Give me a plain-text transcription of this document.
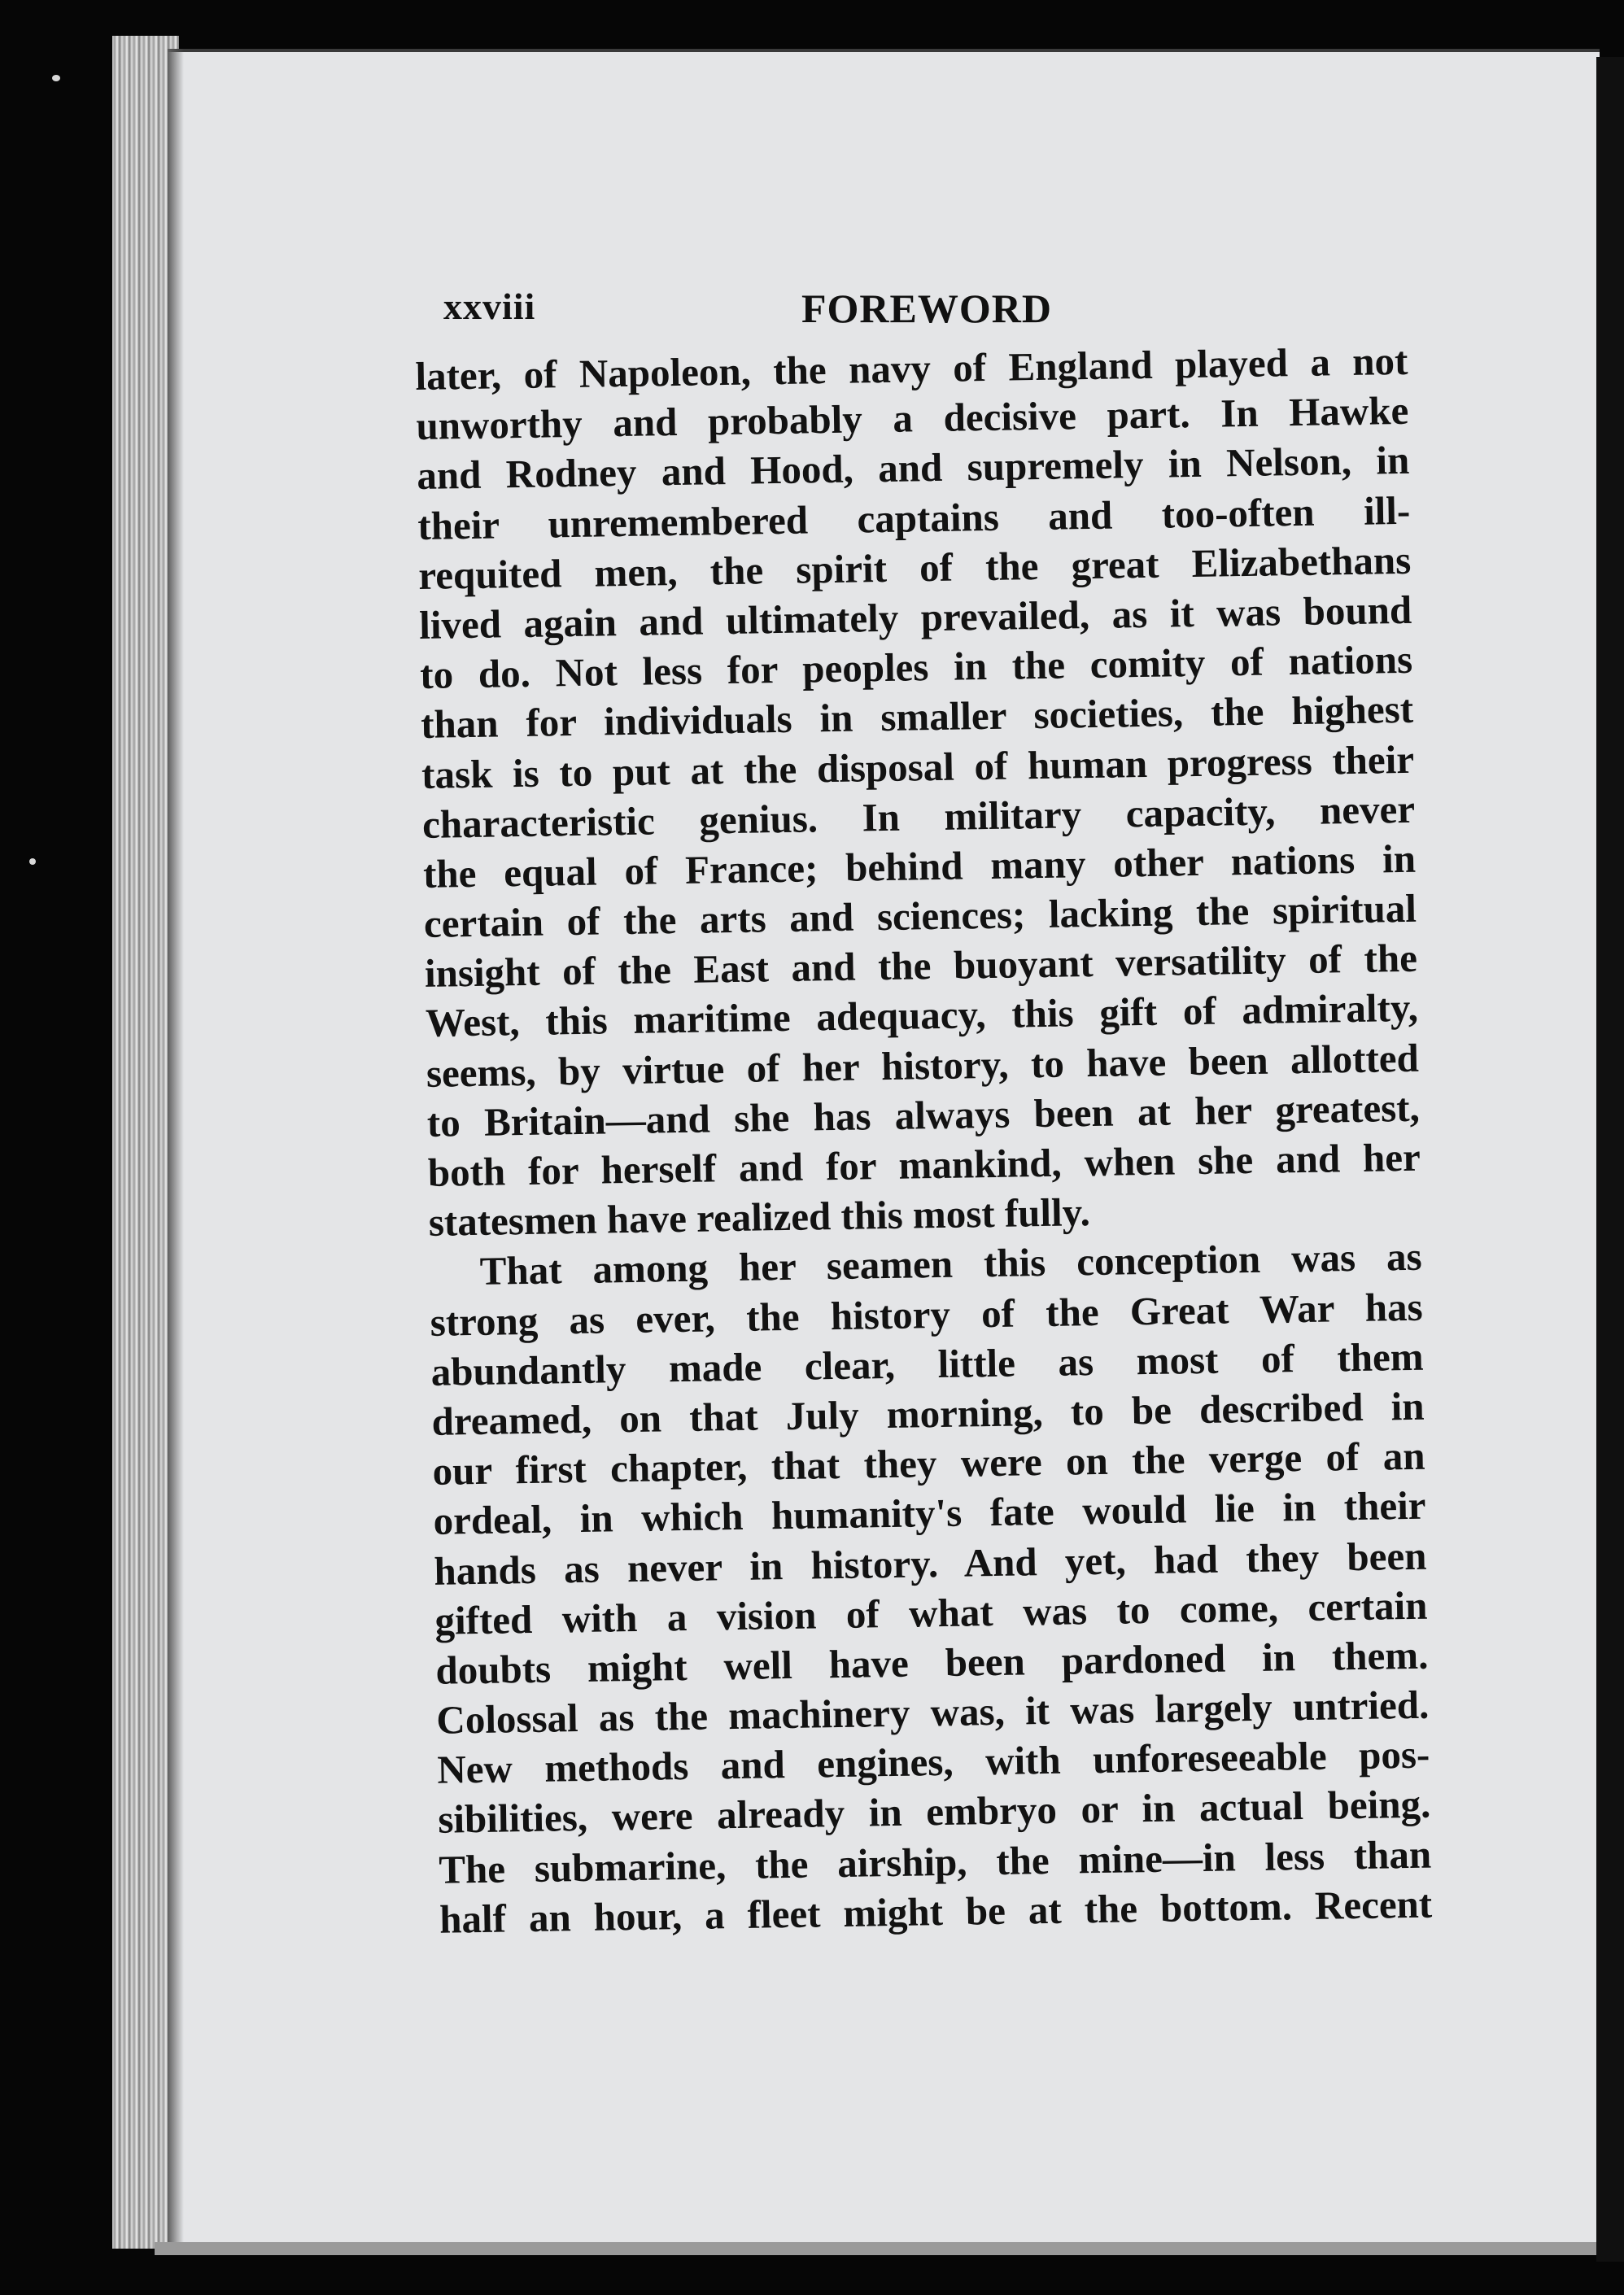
xxviii	FOREWORD
later, of Napoleon, the navy of England played a not
unworthy and probably a decisive part. In Hawke
and Rodney and Hood, and supremely in Nelson, in
their unremembered captains and too-often ill-
requited men, the spirit of the great Elizabethans
lived again and ultimately prevailed, as it was bound
to do. Not less for peoples in the comity of nations
than for individuals in smaller societies, the highest
task is to put at the disposal of human progress their
characteristic genius. In military capacity, never
the equal of France; behind many other nations in
certain of the arts and sciences; lacking the spiritual
insight of the East and the buoyant versatility of the
West, this maritime adequacy, this gift of admiralty,
seems, by virtue of her history, to have been allotted
to Britain—and she has always been at her greatest,
both for herself and for mankind, when she and her
statesmen have realized this most fully.
That among her seamen this conception was as
strong as ever, the history of the Great War has
abundantly made clear, little as most of them
dreamed, on that July morning, to be described in
our first chapter, that they were on the verge of an
ordeal, in which humanity's fate would lie in their
hands as never in history. And yet, had they been
gifted with a vision of what was to come, certain
doubts might well have been pardoned in them.
Colossal as the machinery was, it was largely untried.
New methods and engines, with unforeseeable pos-
sibilities, were already in embryo or in actual being.
The submarine, the airship, the mine—in less than
half an hour, a fleet might be at the bottom. Recent
